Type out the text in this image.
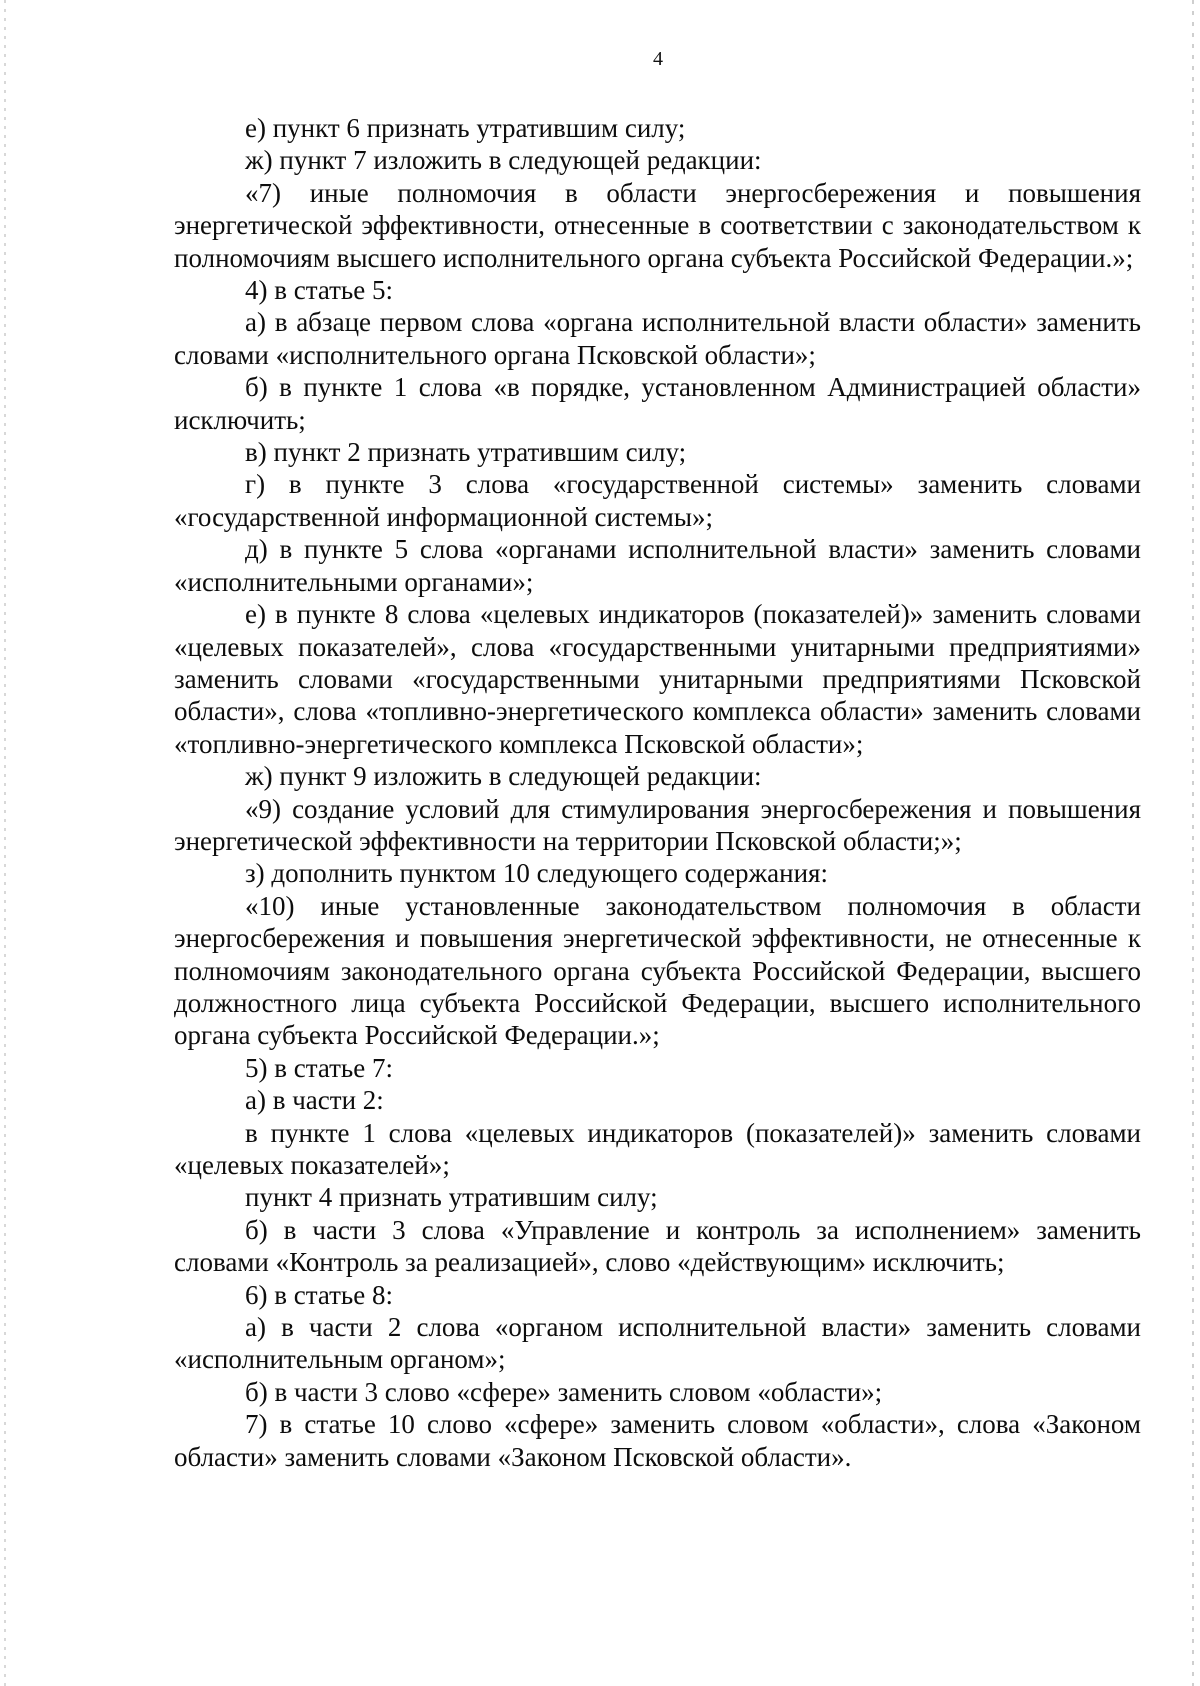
4

е) пункт 6 признать утратившим силу;

ж) пункт 7 изложить в следующей редакции:

«7) иные полномочия в области энергосбережения и повышения энергетической эффективности, отнесенные в соответствии с законодательством к полномочиям высшего исполнительного органа субъекта Российской Федерации.»;

4) в статье 5:

а) в абзаце первом слова «органа исполнительной власти области» заменить словами «исполнительного органа Псковской области»;

б) в пункте 1 слова «в порядке, установленном Администрацией области» исключить;

в) пункт 2 признать утратившим силу;

г) в пункте 3 слова «государственной системы» заменить словами «государственной информационной системы»;

д) в пункте 5 слова «органами исполнительной власти» заменить словами «исполнительными органами»;

е) в пункте 8 слова «целевых индикаторов (показателей)» заменить словами «целевых показателей», слова «государственными унитарными предприятиями» заменить словами «государственными унитарными предприятиями Псковской области», слова «топливно-энергетического комплекса области» заменить словами «топливно-энергетического комплекса Псковской области»;

ж) пункт 9 изложить в следующей редакции:

«9) создание условий для стимулирования энергосбережения и повышения энергетической эффективности на территории Псковской области;»;

з) дополнить пунктом 10 следующего содержания:

«10) иные установленные законодательством полномочия в области энергосбережения и повышения энергетической эффективности, не отнесенные к полномочиям законодательного органа субъекта Российской Федерации, высшего должностного лица субъекта Российской Федерации, высшего исполнительного органа субъекта Российской Федерации.»;

5) в статье 7:

а) в части 2:

в пункте 1 слова «целевых индикаторов (показателей)» заменить словами «целевых показателей»;

пункт 4 признать утратившим силу;

б) в части 3 слова «Управление и контроль за исполнением» заменить словами «Контроль за реализацией», слово «действующим» исключить;

6) в статье 8:

а) в части 2 слова «органом исполнительной власти» заменить словами «исполнительным органом»;

б) в части 3 слово «сфере» заменить словом «области»;

7) в статье 10 слово «сфере» заменить словом «области», слова «Законом области» заменить словами «Законом Псковской области».
